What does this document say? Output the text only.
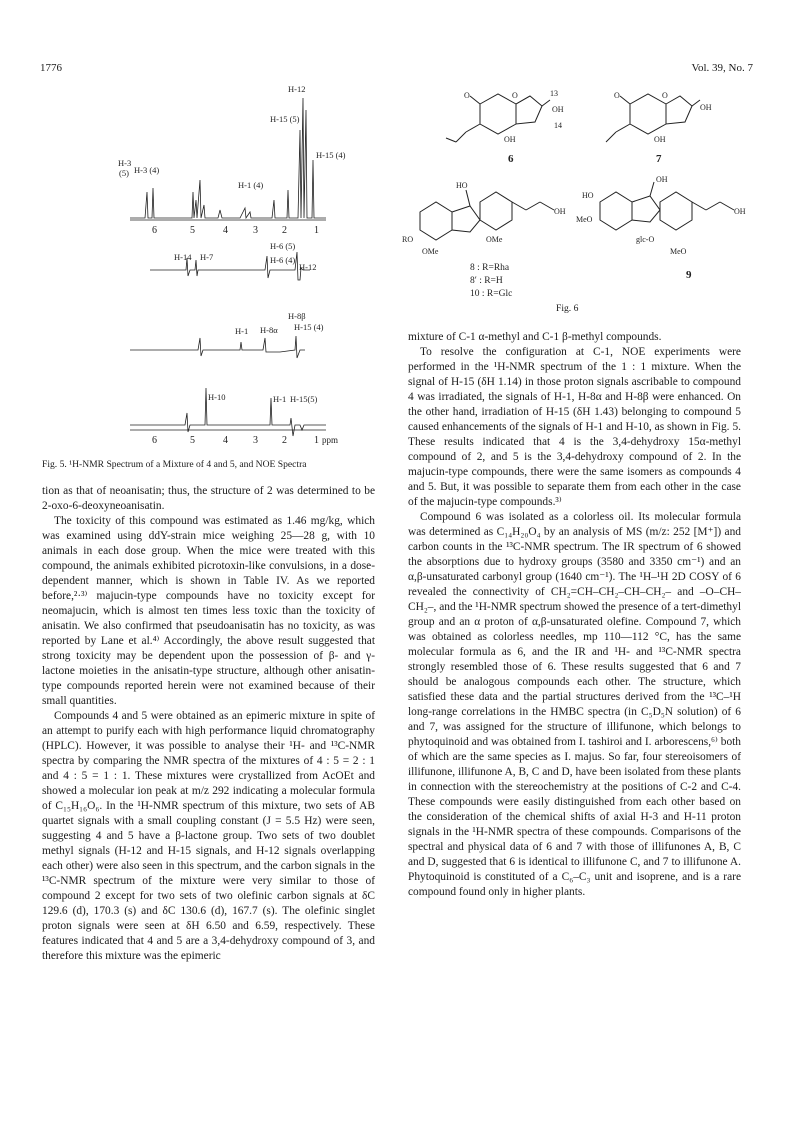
1776	Vol. 39, No. 7
6	5	4	3 2	1
H-12
H-15 (5)
H-15 (4)
H-3
(5) H-3 (4)
H-1 (4)
H-6 (5)
H-14 H-7	H-6 (4)
H-12
H-8β
H-1 H-8α H-15 (4)
H-10	H-1 H-15(5)
6	5	4	3 2	1 ppm
Fig. 5. ¹H-NMR Spectrum of a Mixture of 4 and 5, and NOE Spectra
O	O
OH
OH
13
14
6
O	O
OH
OH
7
HO
RO
OMe
OMe
OH
8 : R=Rha
8′ : R=H
10 : R=Glc
HO
OH
MeO
glc-O
MeO
OH
9
Fig. 6

tion as that of neoanisatin; thus, the structure of 2 was determined to be 2-oxo-6-deoxyneoanisatin.

The toxicity of this compound was estimated as 1.46 mg/kg, which was examined using ddY-strain mice weighing 25—28 g, with 10 animals in each dose group. When the mice were treated with this compound, the animals exhibited picrotoxin-like convulsions, in a dose-dependent manner, which is shown in Table IV. As we reported before,²·³⁾ majucin-type compounds have no toxicity except for neomajucin, which is almost ten times less toxic than the toxicity of anisatin. We also confirmed that pseudoanisatin has no toxicity, as was reported by Lane et al.⁴⁾ Accordingly, the above result suggested that strong toxicity may be dependent upon the possession of β- and γ-lactone moieties in the anisatin-type structure, although other anisatin-type compounds reported herein were not examined because of their small quantities.

Compounds 4 and 5 were obtained as an epimeric mixture in spite of an attempt to purify each with high performance liquid chromatography (HPLC). However, it was possible to analyse their ¹H- and ¹³C-NMR spectra by comparing the NMR spectra of the mixtures of 4 : 5 = 2 : 1 and 4 : 5 = 1 : 1. These mixtures were crystallized from AcOEt and showed a molecular ion peak at m/z 292 indicating a molecular formula of C₁₅H₁₆O₆. In the ¹H-NMR spectrum of this mixture, two sets of AB quartet signals with a small coupling constant (J = 5.5 Hz) were seen, suggesting 4 and 5 have a β-lactone group. Two sets of two doublet methyl signals (H-12 and H-15 signals, and H-12 signals overlapping each other) were also seen in this spectrum, and the carbon signals in the ¹³C-NMR spectrum of the mixture were very similar to those of compound 2 except for two sets of two olefinic carbon signals at δC 129.6 (d), 170.3 (s) and δC 130.6 (d), 167.7 (s). The olefinic singlet proton signals were seen at δH 6.50 and 6.59, respectively. These features indicated that 4 and 5 are a 3,4-dehydroxy compound of 3, and therefore this mixture was the epimeric

mixture of C-1 α-methyl and C-1 β-methyl compounds.

To resolve the configuration at C-1, NOE experiments were performed in the ¹H-NMR spectrum of the 1 : 1 mixture. When the signal of H-15 (δH 1.14) in those proton signals ascribable to compound 4 was irradiated, the signals of H-1, H-8α and H-8β were enhanced. On the other hand, irradiation of H-15 (δH 1.43) belonging to compound 5 caused enhancements of the signals of H-1 and H-10, as shown in Fig. 5. These results indicated that 4 is the 3,4-dehydroxy 15α-methyl compound of 2, and 5 is the 3,4-dehydroxy compound of 2. In the majucin-type compounds, there were the same isomers as compounds 4 and 5. But, it was possible to separate them from each other in the case of the majucin-type compounds.³⁾

Compound 6 was isolated as a colorless oil. Its molecular formula was determined as C₁₄H₂₀O₄ by an analysis of MS (m/z: 252 [M⁺]) and carbon counts in the ¹³C-NMR spectrum. The IR spectrum of 6 showed the absorptions due to hydroxy groups (3580 and 3350 cm⁻¹) and an α,β-unsaturated carbonyl group (1640 cm⁻¹). The ¹H–¹H 2D COSY of 6 revealed the connectivity of CH₂=CH–CH₂–CH–CH₂– and –O–CH–CH₂–, and the ¹H-NMR spectrum showed the presence of a tert-dimethyl group and an α proton of α,β-unsaturated olefine. Compound 7, which was obtained as colorless needles, mp 110—112 °C, has the same molecular formula as 6, and the IR and ¹H- and ¹³C-NMR spectra strongly resembled those of 6. These results suggested that 6 and 7 should be analogous compounds each other. The structure, which satisfied these data and the partial structures derived from the ¹³C–¹H long-range correlations in the HMBC spectra (in C₅D₅N solution) of 6 and 7, was assigned for the structure of illifunone, which belongs to phytoquinoid and was obtained from I. tashiroi and I. arborescens,⁶⁾ both of which are the same species as I. majus. So far, four stereoisomers of illifunone, illifunone A, B, C and D, have been isolated from these plants in connection with the stereochemistry at the positions of C-2 and C-4. These compounds were easily distinguished from each other based on the consideration of the chemical shifts of axial H-3 and H-11 proton signals in the ¹H-NMR spectra of these compounds. Comparisons of the spectral and physical data of 6 and 7 with those of illifunones A, B, C and D, suggested that 6 is identical to illifunone C, and 7 to illifunone A. Phytoquinoid is constituted of a C₆–C₃ unit and isoprene, and is a rare compound found only in higher plants.
